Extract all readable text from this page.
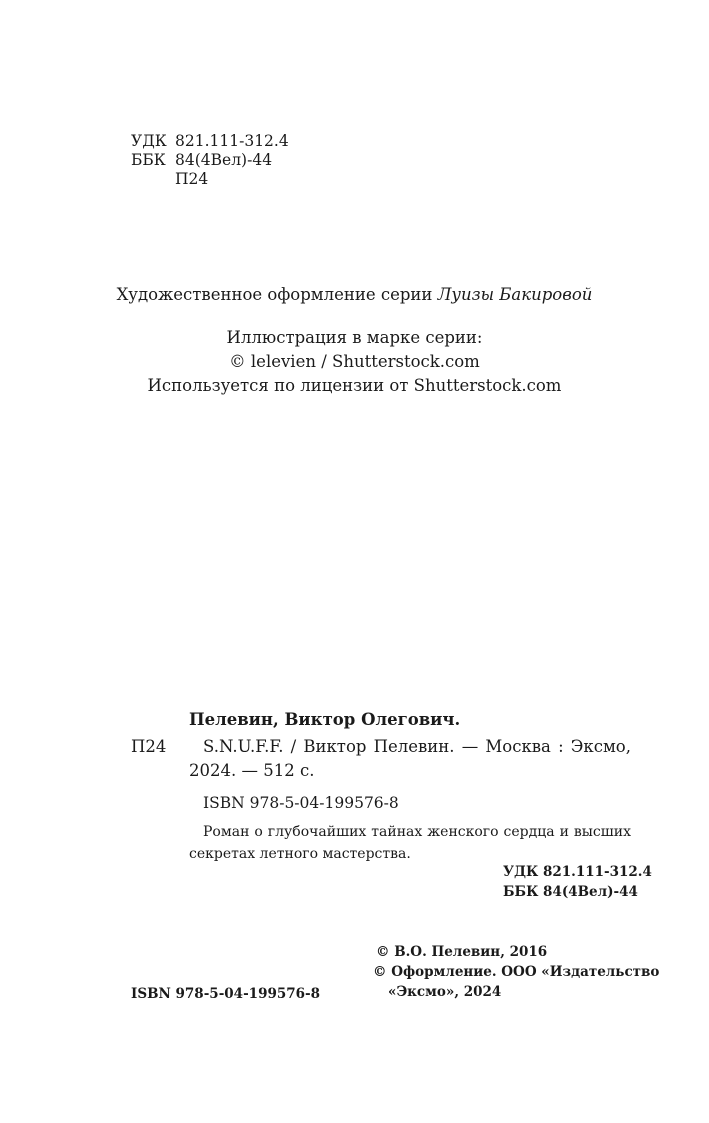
УДК 821.111-312.4
ББК 84(4Вел)-44
П24
Художественное оформление серии Луизы Бакировой
Иллюстрация в марке серии:
© lelevien / Shutterstock.com
Используется по лицензии от Shutterstock.com
Пелевин, Виктор Олегович.
П24 S.N.U.F.F. / Виктор Пелевин. — Москва : Эксмо,
2024. — 512 с.
ISBN 978-5-04-199576-8
Роман о глубочайших тайнах женского сердца и высших
секретах летного мастерства.
УДК 821.111-312.4
ББК 84(4Вел)-44
© В.О. Пелевин, 2016
© Оформление. ООО «Издательство
«Эксмо», 2024
ISBN 978-5-04-199576-8
